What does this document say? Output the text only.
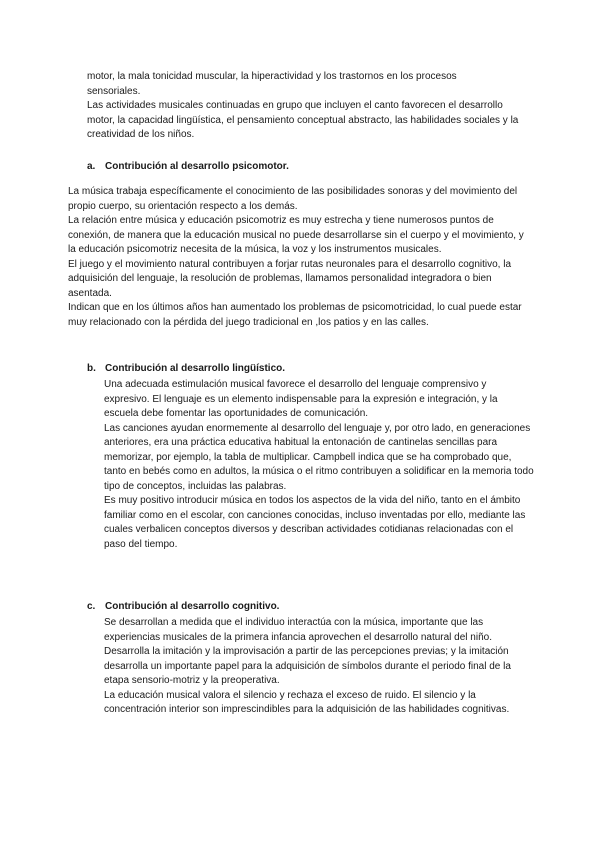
motor, la mala tonicidad muscular, la hiperactividad y los trastornos en los procesos

sensoriales.

Las actividades musicales continuadas en grupo que incluyen el canto favorecen el desarrollo motor, la capacidad lingüística, el pensamiento conceptual abstracto, las habilidades sociales y la creatividad de los niños.

a. Contribución al desarrollo psicomotor.

La música trabaja específicamente el conocimiento de las posibilidades sonoras y del movimiento del propio cuerpo, su orientación respecto a los demás.

La relación entre música y educación psicomotriz es muy estrecha y tiene numerosos puntos de conexión, de manera que la educación musical no puede desarrollarse sin el cuerpo y el movimiento, y la educación psicomotriz necesita de la música, la voz y los instrumentos musicales.

El juego y el movimiento natural contribuyen a forjar rutas neuronales para el desarrollo cognitivo, la adquisición del lenguaje, la resolución de problemas, llamamos personalidad integradora o bien asentada.

Indican que en los últimos años han aumentado los problemas de psicomotricidad, lo cual puede estar muy relacionado con la pérdida del juego tradicional en ,los patios y en las calles.

b. Contribución al desarrollo lingüístico.

Una adecuada estimulación musical favorece el desarrollo del lenguaje comprensivo y expresivo. El lenguaje es un elemento indispensable para la expresión e integración, y la escuela debe fomentar las oportunidades de comunicación.

Las canciones ayudan enormemente al desarrollo del lenguaje y, por otro lado, en generaciones anteriores, era una práctica educativa habitual la entonación de cantinelas sencillas para memorizar, por ejemplo, la tabla de multiplicar. Campbell indica que se ha comprobado que, tanto en bebés como en adultos, la música o el ritmo contribuyen a solidificar en la memoria todo tipo de conceptos, incluidas las palabras.

Es muy positivo introducir música en todos los aspectos de la vida del niño, tanto en el ámbito familiar como en el escolar, con canciones conocidas, incluso inventadas por ello, mediante las cuales verbalicen conceptos diversos y describan actividades cotidianas relacionadas con el paso del tiempo.

c. Contribución al desarrollo cognitivo.

Se desarrollan a medida que el individuo interactúa con la música, importante que las experiencias musicales de la primera infancia aprovechen el desarrollo natural del niño. Desarrolla la imitación y la improvisación a partir de las percepciones previas; y la imitación desarrolla un importante papel para la adquisición de símbolos durante el periodo final de la etapa sensorio-motriz y la preoperativa.

La educación musical valora el silencio y rechaza el exceso de ruido. El silencio y la concentración interior son imprescindibles para la adquisición de las habilidades cognitivas.
